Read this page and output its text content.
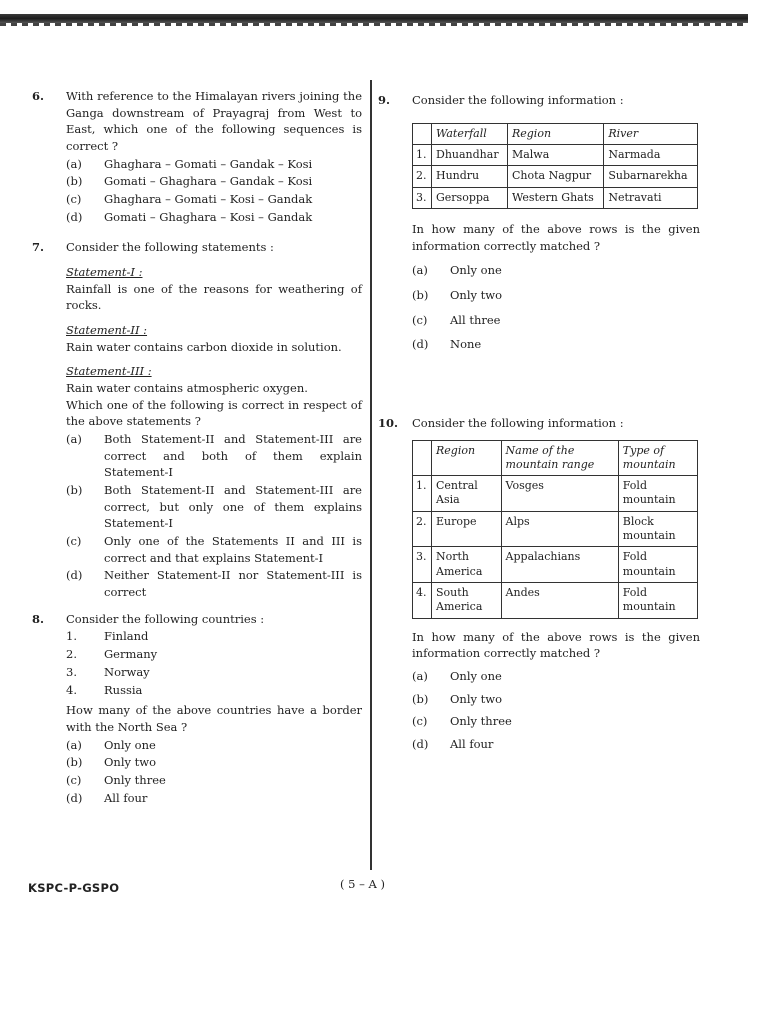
6. With reference to the Himalayan rivers joining the Ganga downstream of Prayagraj from West to East, which one of the following sequences is correct ?
(a)	Ghaghara – Gomati – Gandak – Kosi
(b)	Gomati – Ghaghara – Gandak – Kosi
(c)	Ghaghara – Gomati – Kosi – Gandak
(d)	Gomati – Ghaghara – Kosi – Gandak
7. Consider the following statements :
Statement-I :
Rainfall is one of the reasons for weathering of rocks.
Statement-II :
Rain water contains carbon dioxide in solution.
Statement-III :
Rain water contains atmospheric oxygen.
Which one of the following is correct in respect of the above statements ?
(a)	Both Statement-II and Statement-III are correct and both of them explain Statement-I
(b)	Both Statement-II and Statement-III are correct, but only one of them explains Statement-I
(c)	Only one of the Statements II and III is correct and that explains Statement-I
(d)	Neither Statement-II nor Statement-III is correct
8. Consider the following countries :
1.	Finland
2.	Germany
3.	Norway
4.	Russia
How many of the above countries have a border with the North Sea ?
(a)	Only one
(b)	Only two
(c)	Only three
(d)	All four
9. Consider the following information :
	Waterfall	Region	River
1.	Dhuandhar	Malwa	Narmada
2.	Hundru	Chota Nagpur	Subarnarekha
3.	Gersoppa	Western Ghats	Netravati
In how many of the above rows is the given information correctly matched ?
(a)	Only one
(b)	Only two
(c)	All three
(d)	None
10. Consider the following information :
	Region	Name of the mountain range	Type of mountain
1.	Central Asia	Vosges	Fold mountain
2.	Europe	Alps	Block mountain
3.	North America	Appalachians	Fold mountain
4.	South America	Andes	Fold mountain
In how many of the above rows is the given information correctly matched ?
(a)	Only one
(b)	Only two
(c)	Only three
(d)	All four
KSPC-P-GSPO	( 5 – A )
